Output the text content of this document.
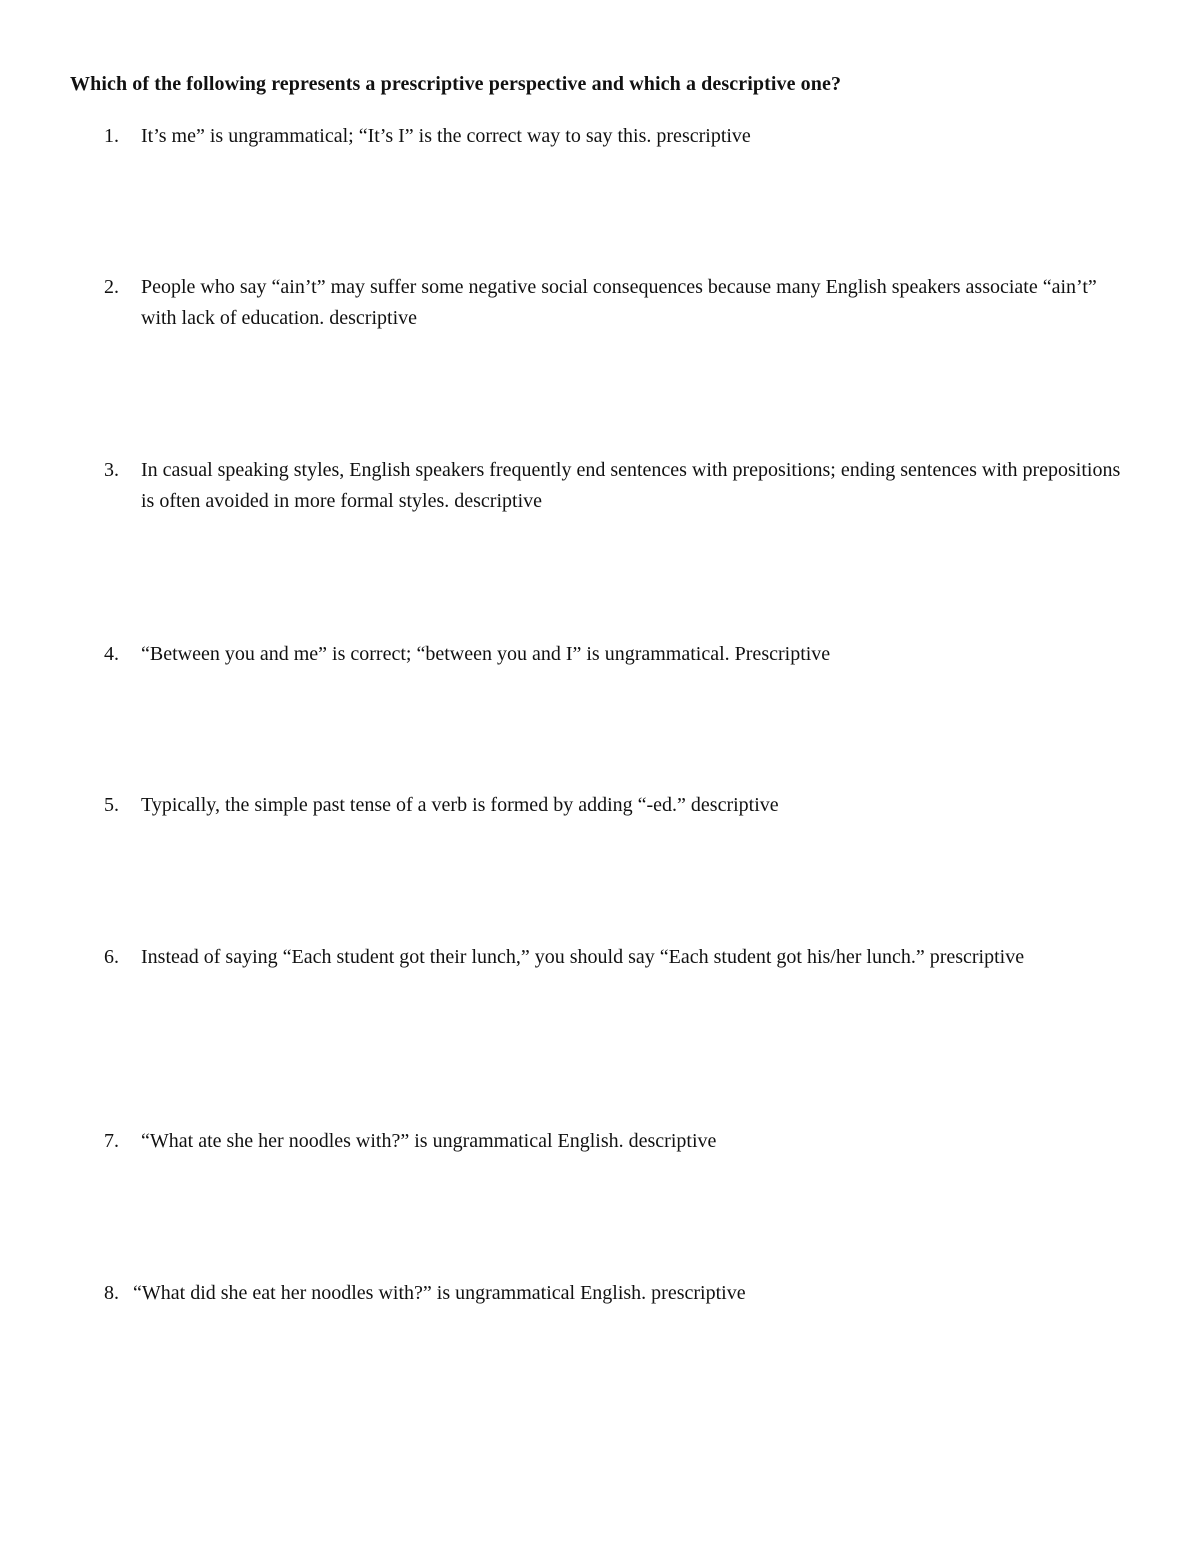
Which of the following represents a prescriptive perspective and which a descriptive one?
1.	It’s me” is ungrammatical; “It’s I” is the correct way to say this. prescriptive
2.	People who say “ain’t” may suffer some negative social consequences because many English speakers associate “ain’t” with lack of education. descriptive
3.	In casual speaking styles, English speakers frequently end sentences with prepositions; ending sentences with prepositions is often avoided in more formal styles. descriptive
4.	“Between you and me” is correct; “between you and I” is ungrammatical. Prescriptive
5.	Typically, the simple past tense of a verb is formed by adding “-ed.” descriptive
6.	Instead of saying “Each student got their lunch,” you should say “Each student got his/her lunch.” prescriptive
7.	“What ate she her noodles with?” is ungrammatical English. descriptive
8. “What did she eat her noodles with?” is ungrammatical English. prescriptive
